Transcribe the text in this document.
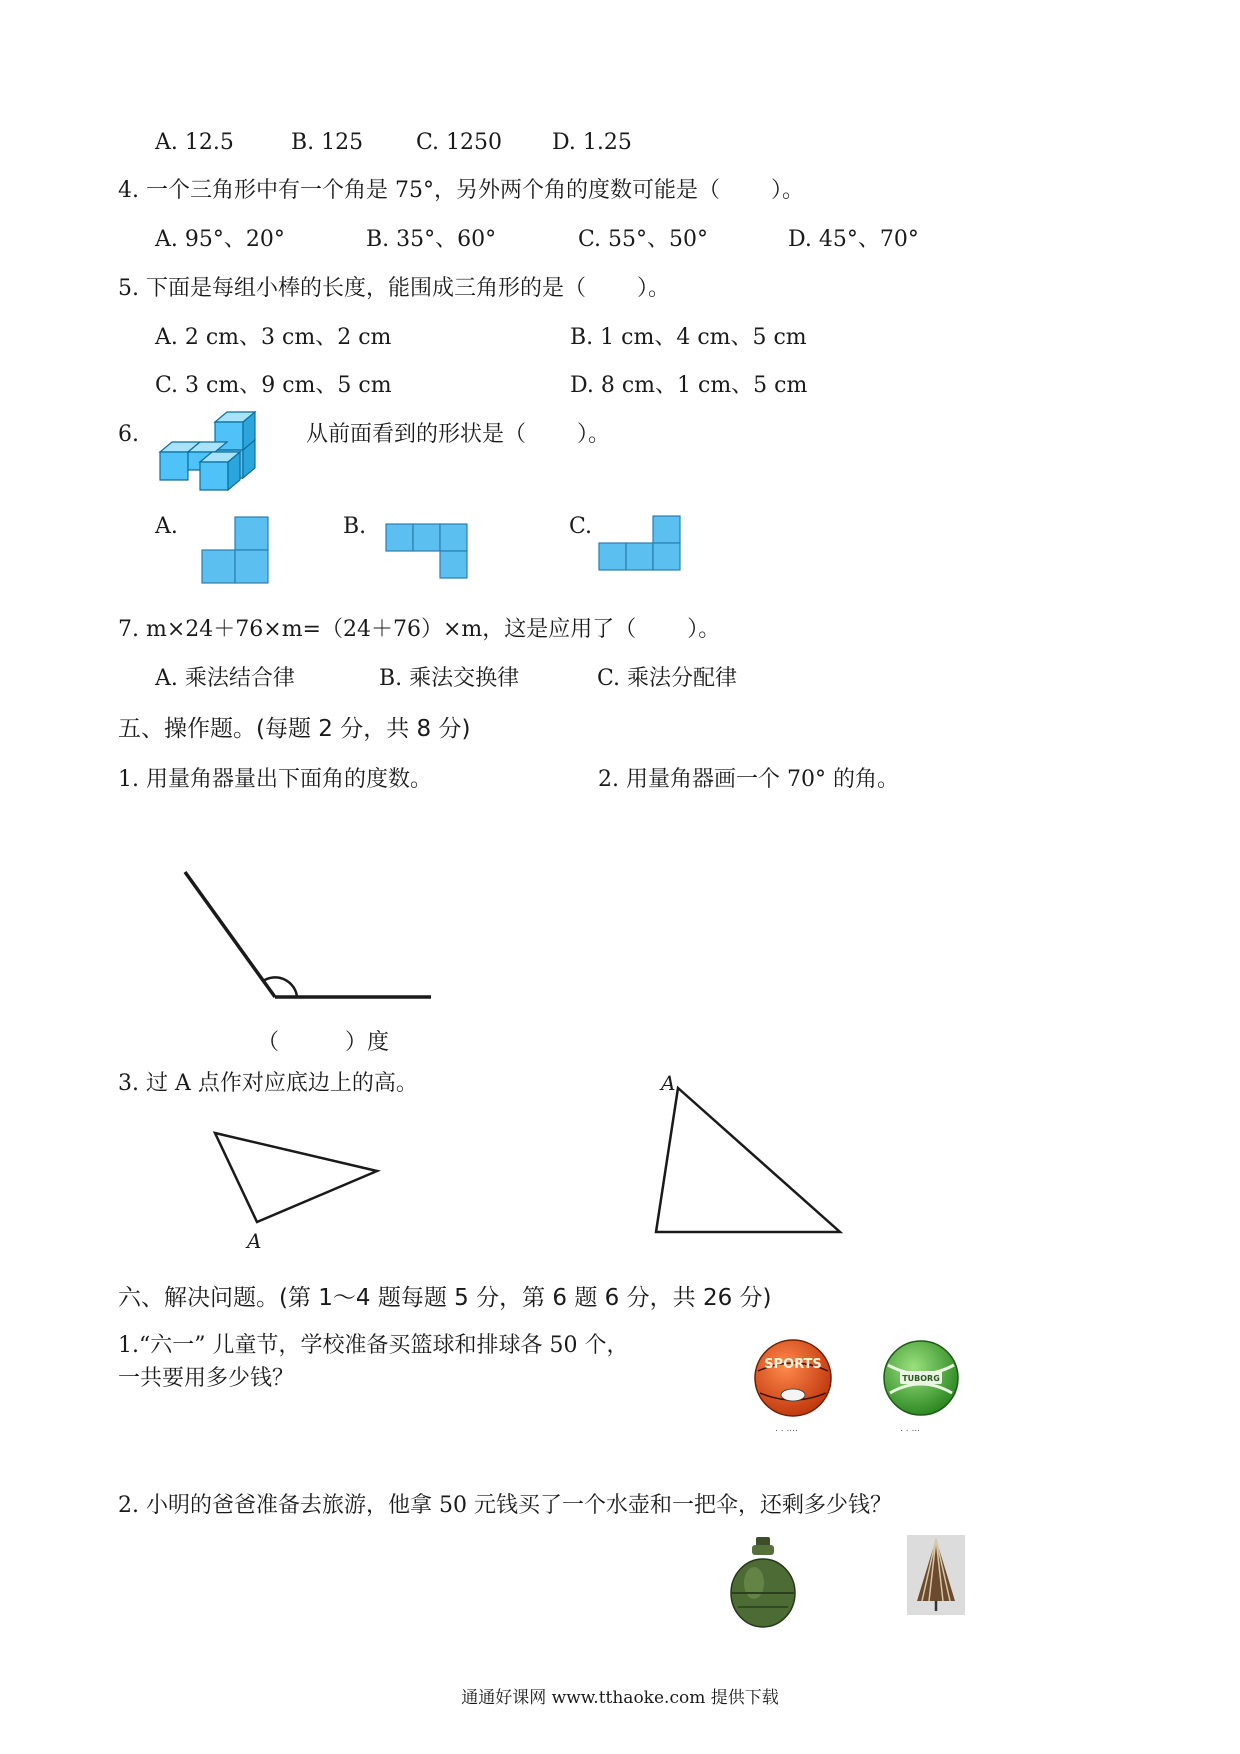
A. 12.5	B. 125 C. 1250 D. 1.25
4. 一个三角形中有一个角是 75°，另外两个角的度数可能是（　　 ）。
A. 95°、20°	B. 35°、60°	C. 55°、50°	D. 45°、70°
5. 下面是每组小棒的长度，能围成三角形的是（　　 ）。
A. 2 cm、3 cm、2 cm	B. 1 cm、4 cm、5 cm
C. 3 cm、9 cm、5 cm	D. 8 cm、1 cm、5 cm
6.	从前面看到的形状是（　　 ）。
A.	B.	C.
7. m×24＋76×m=（24＋76）×m，这是应用了（　　 ）。
A. 乘法结合律	B. 乘法交换律	C. 乘法分配律
五、操作题。(每题 2 分，共 8 分)
1. 用量角器量出下面角的度数。	2. 用量角器画一个 70° 的角。
（　　　）度
3. 过 A 点作对应底边上的高。
A
A
六、解决问题。(第 1～4 题每题 5 分，第 6 题 6 分，共 26 分)
1.“六一” 儿童节，学校准备买篮球和排球各 50 个，
一共要用多少钱？
SPORTS
. . ....
TUBORG
. . ...
2. 小明的爸爸准备去旅游，他拿 50 元钱买了一个水壶和一把伞，还剩多少钱？
通通好课网 www.tthaoke.com 提供下载
